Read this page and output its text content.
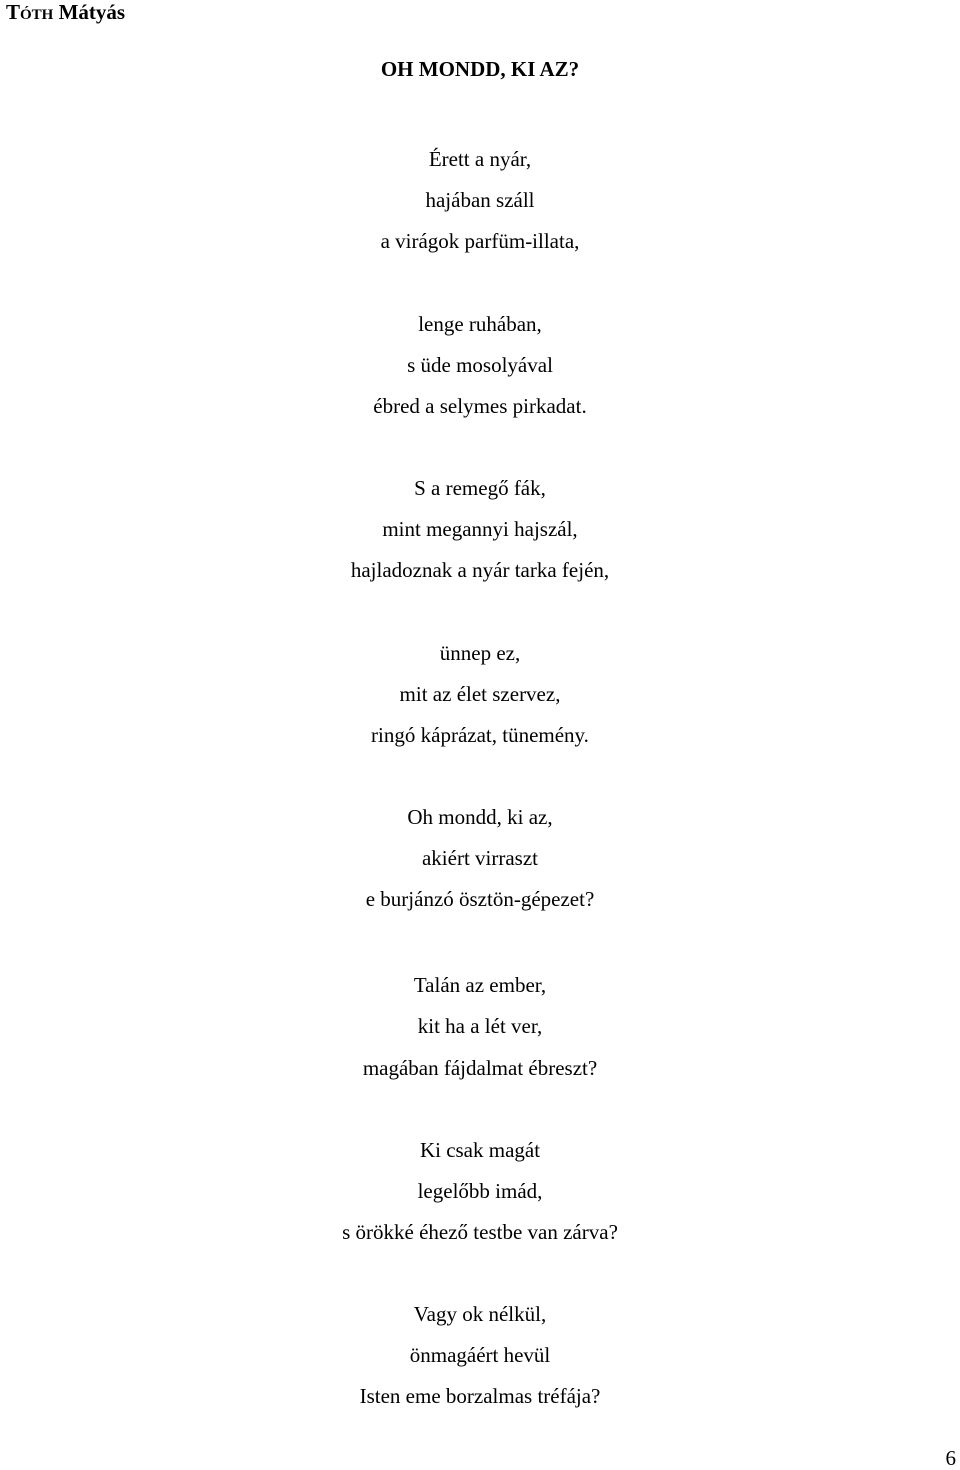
Tóth Mátyás
OH MONDD, KI AZ?
Érett a nyár,
hajában száll
a virágok parfüm-illata,
lenge ruhában,
s üde mosolyával
ébred a selymes pirkadat.
S a remegő fák,
mint megannyi hajszál,
hajladoznak a nyár tarka fején,
ünnep ez,
mit az élet szervez,
ringó káprázat, tünemény.
Oh mondd, ki az,
akiért virraszt
e burjánzó ösztön-gépezet?
Talán az ember,
kit ha a lét ver,
magában fájdalmat ébreszt?
Ki csak magát
legelőbb imád,
s örökké éhező testbe van zárva?
Vagy ok nélkül,
önmagáért hevül
Isten eme borzalmas tréfája?
6
